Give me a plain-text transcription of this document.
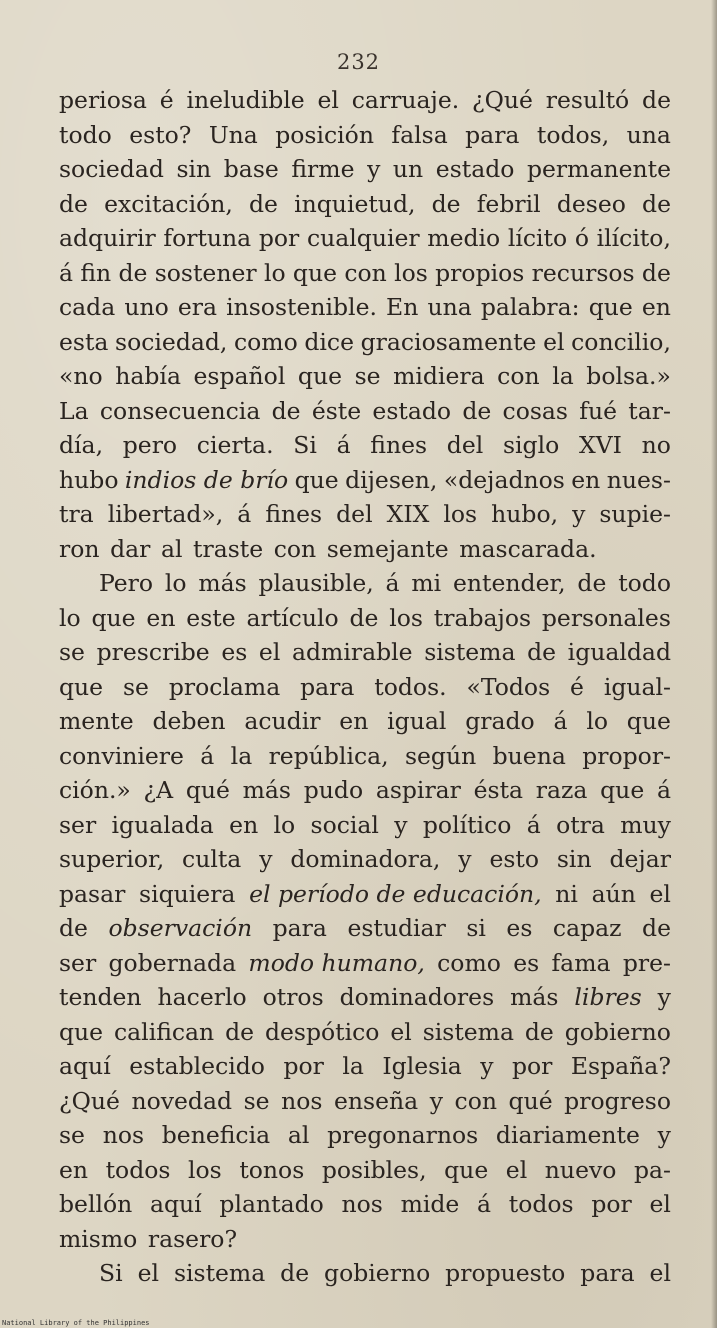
232
periosa é ineludible el carruaje. ¿Qué resultó de
todo esto? Una posición falsa para todos, una
sociedad sin base firme y un estado permanente
de excitación, de inquietud, de febril deseo de
adquirir fortuna por cualquier medio lícito ó ilícito,
á fin de sostener lo que con los propios recursos de
cada uno era insostenible. En una palabra: que en
esta sociedad, como dice graciosamente el concilio,
«no había español que se midiera con la bolsa.»
La consecuencia de éste estado de cosas fué tar-
día, pero cierta. Si á fines del siglo XVI no
hubo indios de brío que dijesen, «dejadnos en nues-
tra libertad», á fines del XIX los hubo, y supie-
ron dar al traste con semejante mascarada.
Pero lo más plausible, á mi entender, de todo
lo que en este artículo de los trabajos personales
se prescribe es el admirable sistema de igualdad
que se proclama para todos. «Todos é igual-
mente deben acudir en igual grado á lo que
conviniere á la república, según buena propor-
ción.» ¿A qué más pudo aspirar ésta raza que á
ser igualada en lo social y político á otra muy
superior, culta y dominadora, y esto sin dejar
pasar siquiera el período de educación, ni aún el
de observación para estudiar si es capaz de
ser gobernada modo humano, como es fama pre-
tenden hacerlo otros dominadores más libres y
que califican de despótico el sistema de gobierno
aquí establecido por la Iglesia y por España?
¿Qué novedad se nos enseña y con qué progreso
se nos beneficia al pregonarnos diariamente y
en todos los tonos posibles, que el nuevo pa-
bellón aquí plantado nos mide á todos por el
mismo rasero?
Si el sistema de gobierno propuesto para el
National Library of the Philippines
